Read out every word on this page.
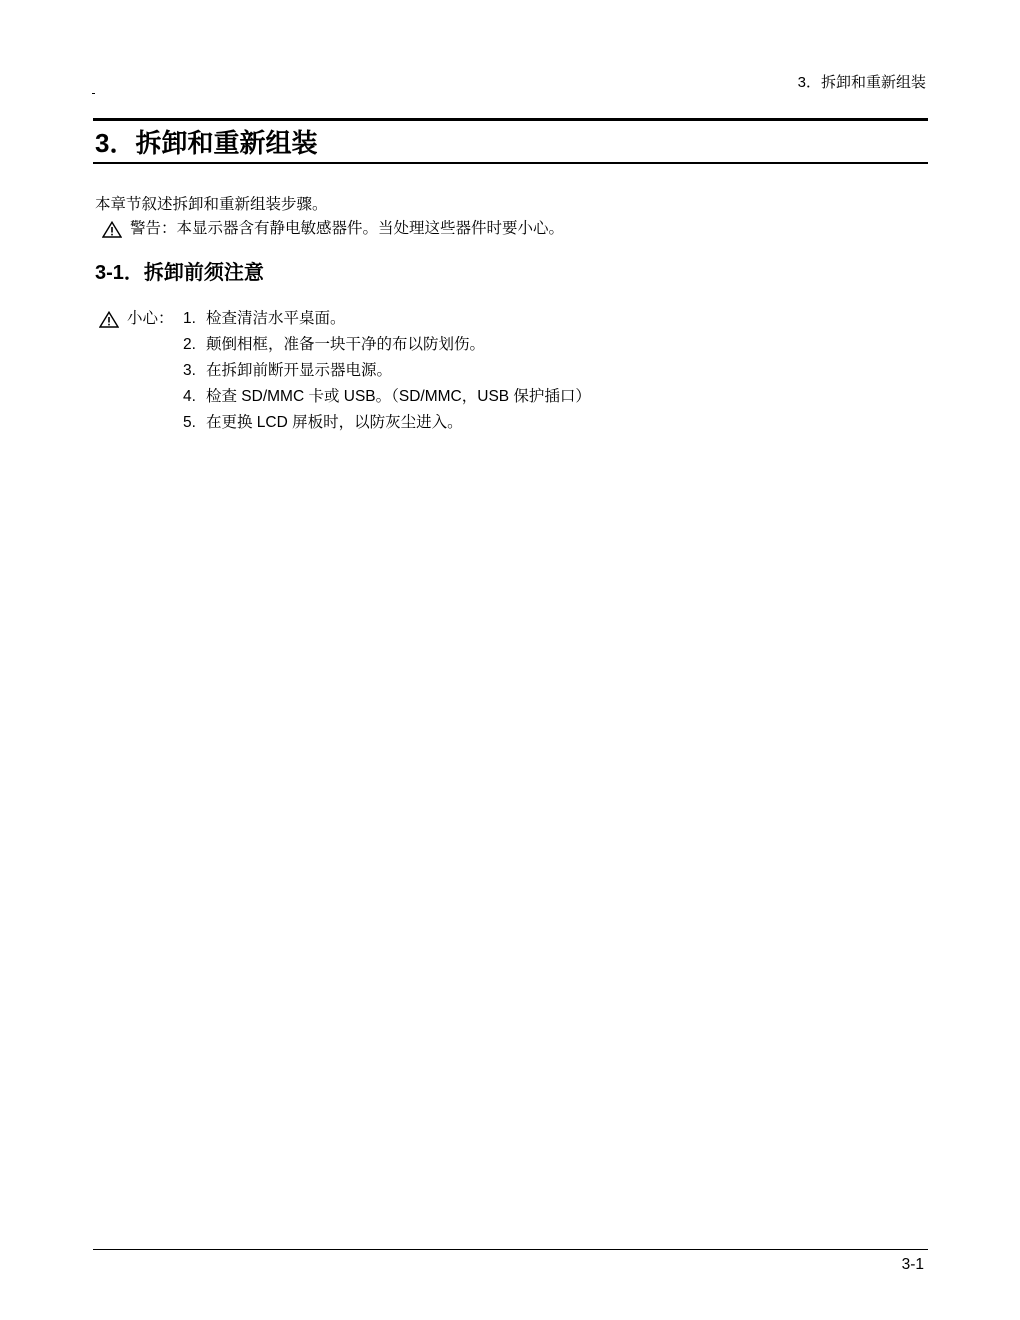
3．拆卸和重新组装
3．拆卸和重新组装

本章节叙述拆卸和重新组装步骤。

警告：本显示器含有静电敏感器件。当处理这些器件时要小心。
3-1．拆卸前须注意
小心： 1. 检查清洁水平桌面。
2. 颠倒相框，准备一块干净的布以防划伤。
3. 在拆卸前断开显示器电源。
4. 检查 SD/MMC 卡或 USB。（SD/MMC，USB 保护插口）
5. 在更换 LCD 屏板时，以防灰尘进入。
3-1
